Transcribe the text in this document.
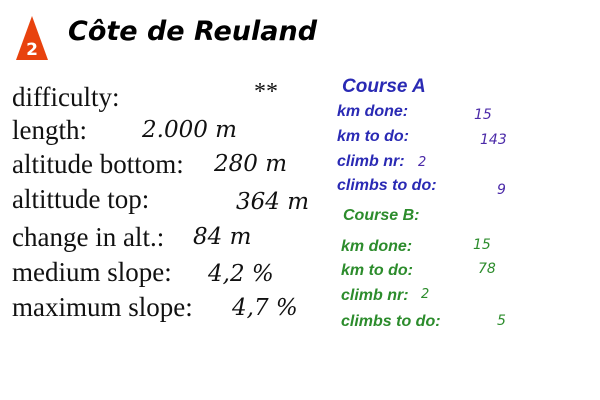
2
Côte de Reuland
difficulty:	**
length: 2.000 m
altitude bottom: 280 m
altittude top:	364 m
change in alt.: 84 m
medium slope: 4,2 %
maximum slope: 4,7 %
Course A
km done:	15
km to do:	143
climb nr: 2
climbs to do:	9
Course B:
km done:	15
km to do:	78
climb nr: 2
climbs to do:	5
